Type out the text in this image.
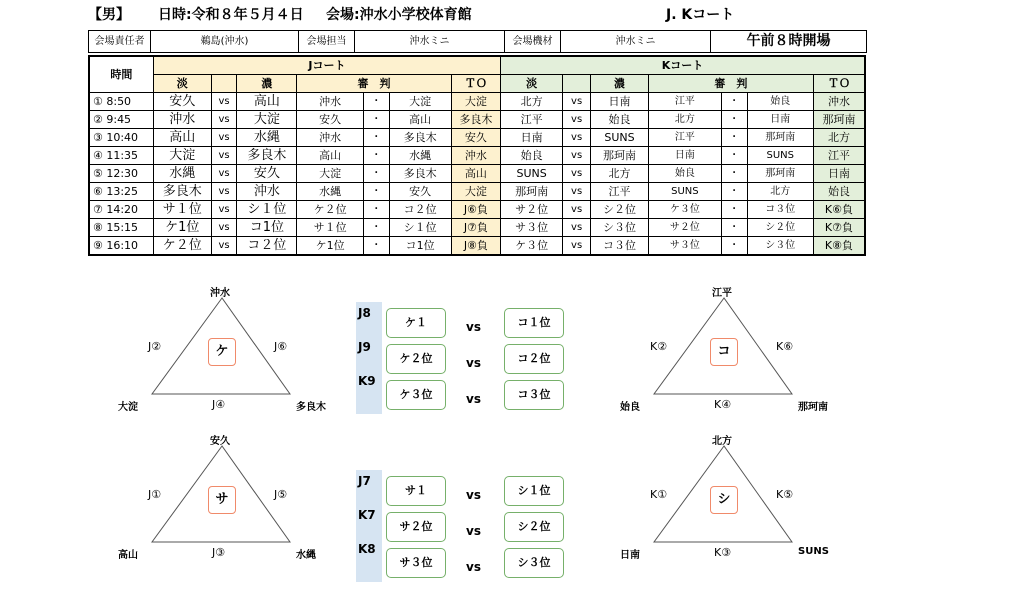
【男】 日時:令和８年５月４日 会場:沖水小学校体育館	J. Kコート
会場責任者	鵜島(沖水)	会場担当	沖水ミニ	会場機材	沖水ミニ	午前８時開場
時間	Jコート							Kコート						
	淡		濃	審　判			ＴＯ	淡		濃	審　判			ＴＯ
① 8:50	安久	vs	高山	沖水	・	大淀	大淀	北方	vs	日南	江平	・	始良	沖水
② 9:45	沖水	vs	大淀	安久	・	高山	多良木	江平	vs	始良	北方	・	日南	那珂南
③ 10:40	高山	vs	水縄	沖水	・	多良木	安久	日南	vs	SUNS	江平	・	那珂南	北方
④ 11:35	大淀	vs	多良木	高山	・	水縄	沖水	始良	vs	那珂南	日南	・	SUNS	江平
⑤ 12:30	水縄	vs	安久	大淀	・	多良木	高山	SUNS	vs	北方	始良	・	那珂南	日南
⑥ 13:25	多良木	vs	沖水	水縄	・	安久	大淀	那珂南	vs	江平	SUNS	・	北方	始良
⑦ 14:20	サ１位	vs	シ１位	ケ２位	・	コ２位	J⑥負	サ２位	vs	シ２位	ケ３位	・	コ３位	K⑥負
⑧ 15:15	ケ1位	vs	コ1位	サ１位	・	シ１位	J⑦負	サ３位	vs	シ３位	サ２位	・	シ２位	K⑦負
⑨ 16:10	ケ２位	vs	コ２位	ケ1位	・	コ1位	J⑧負	ケ３位	vs	コ３位	サ３位	・	シ３位	K⑧負
沖水
大淀	多良木
J②	J⑥
J④
ケ
江平
始良	那珂南
K②	K⑥
K④
コ
安久
高山	水縄
J①	J⑤
J③
サ
北方
日南	SUNS
K①	K⑤
K③
シ
J8
J9
K9
ケ１	vs	コ１位
ケ２位	vs	コ２位
ケ３位	vs	コ３位
J7
K7
K8
サ１	vs	シ１位
サ２位	vs	シ２位
サ３位	vs	シ３位
